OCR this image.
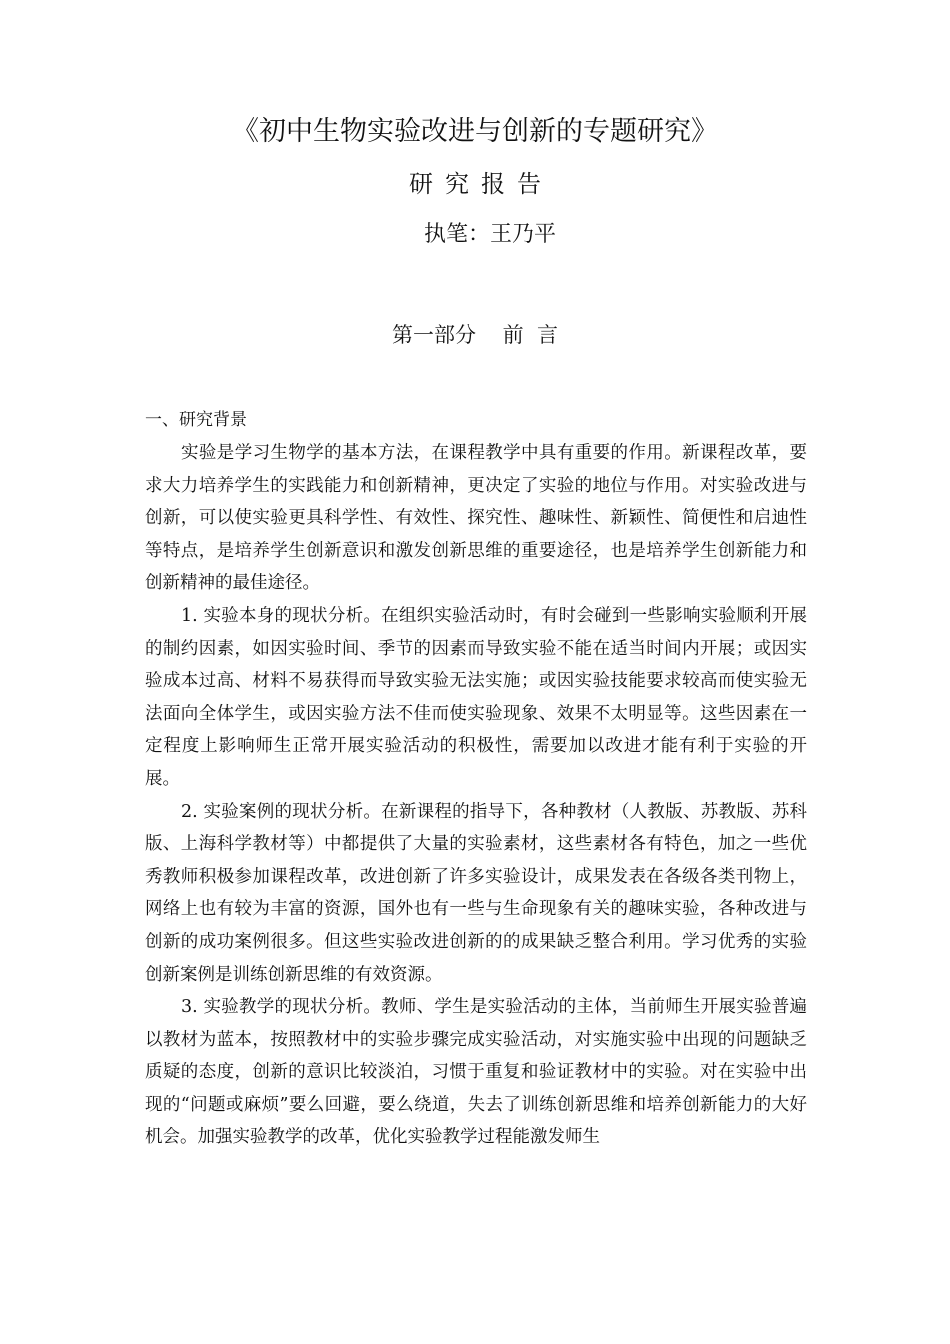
《初中生物实验改进与创新的专题研究》
研究报告
执笔：王乃平
第一部分    前  言
一、研究背景

实验是学习生物学的基本方法，在课程教学中具有重要的作用。新课程改革，要求大力培养学生的实践能力和创新精神，更决定了实验的地位与作用。对实验改进与创新，可以使实验更具科学性、有效性、探究性、趣味性、新颖性、简便性和启迪性等特点，是培养学生创新意识和激发创新思维的重要途径，也是培养学生创新能力和创新精神的最佳途径。

1. 实验本身的现状分析。在组织实验活动时，有时会碰到一些影响实验顺利开展的制约因素，如因实验时间、季节的因素而导致实验不能在适当时间内开展；或因实验成本过高、材料不易获得而导致实验无法实施；或因实验技能要求较高而使实验无法面向全体学生，或因实验方法不佳而使实验现象、效果不太明显等。这些因素在一定程度上影响师生正常开展实验活动的积极性，需要加以改进才能有利于实验的开展。

2. 实验案例的现状分析。在新课程的指导下，各种教材（人教版、苏教版、苏科版、上海科学教材等）中都提供了大量的实验素材，这些素材各有特色，加之一些优秀教师积极参加课程改革，改进创新了许多实验设计，成果发表在各级各类刊物上，网络上也有较为丰富的资源，国外也有一些与生命现象有关的趣味实验，各种改进与创新的成功案例很多。但这些实验改进创新的的成果缺乏整合利用。学习优秀的实验创新案例是训练创新思维的有效资源。

3. 实验教学的现状分析。教师、学生是实验活动的主体，当前师生开展实验普遍以教材为蓝本，按照教材中的实验步骤完成实验活动，对实施实验中出现的问题缺乏质疑的态度，创新的意识比较淡泊，习惯于重复和验证教材中的实验。对在实验中出现的“问题或麻烦”要么回避，要么绕道，失去了训练创新思维和培养创新能力的大好机会。加强实验教学的改革，优化实验教学过程能激发师生
